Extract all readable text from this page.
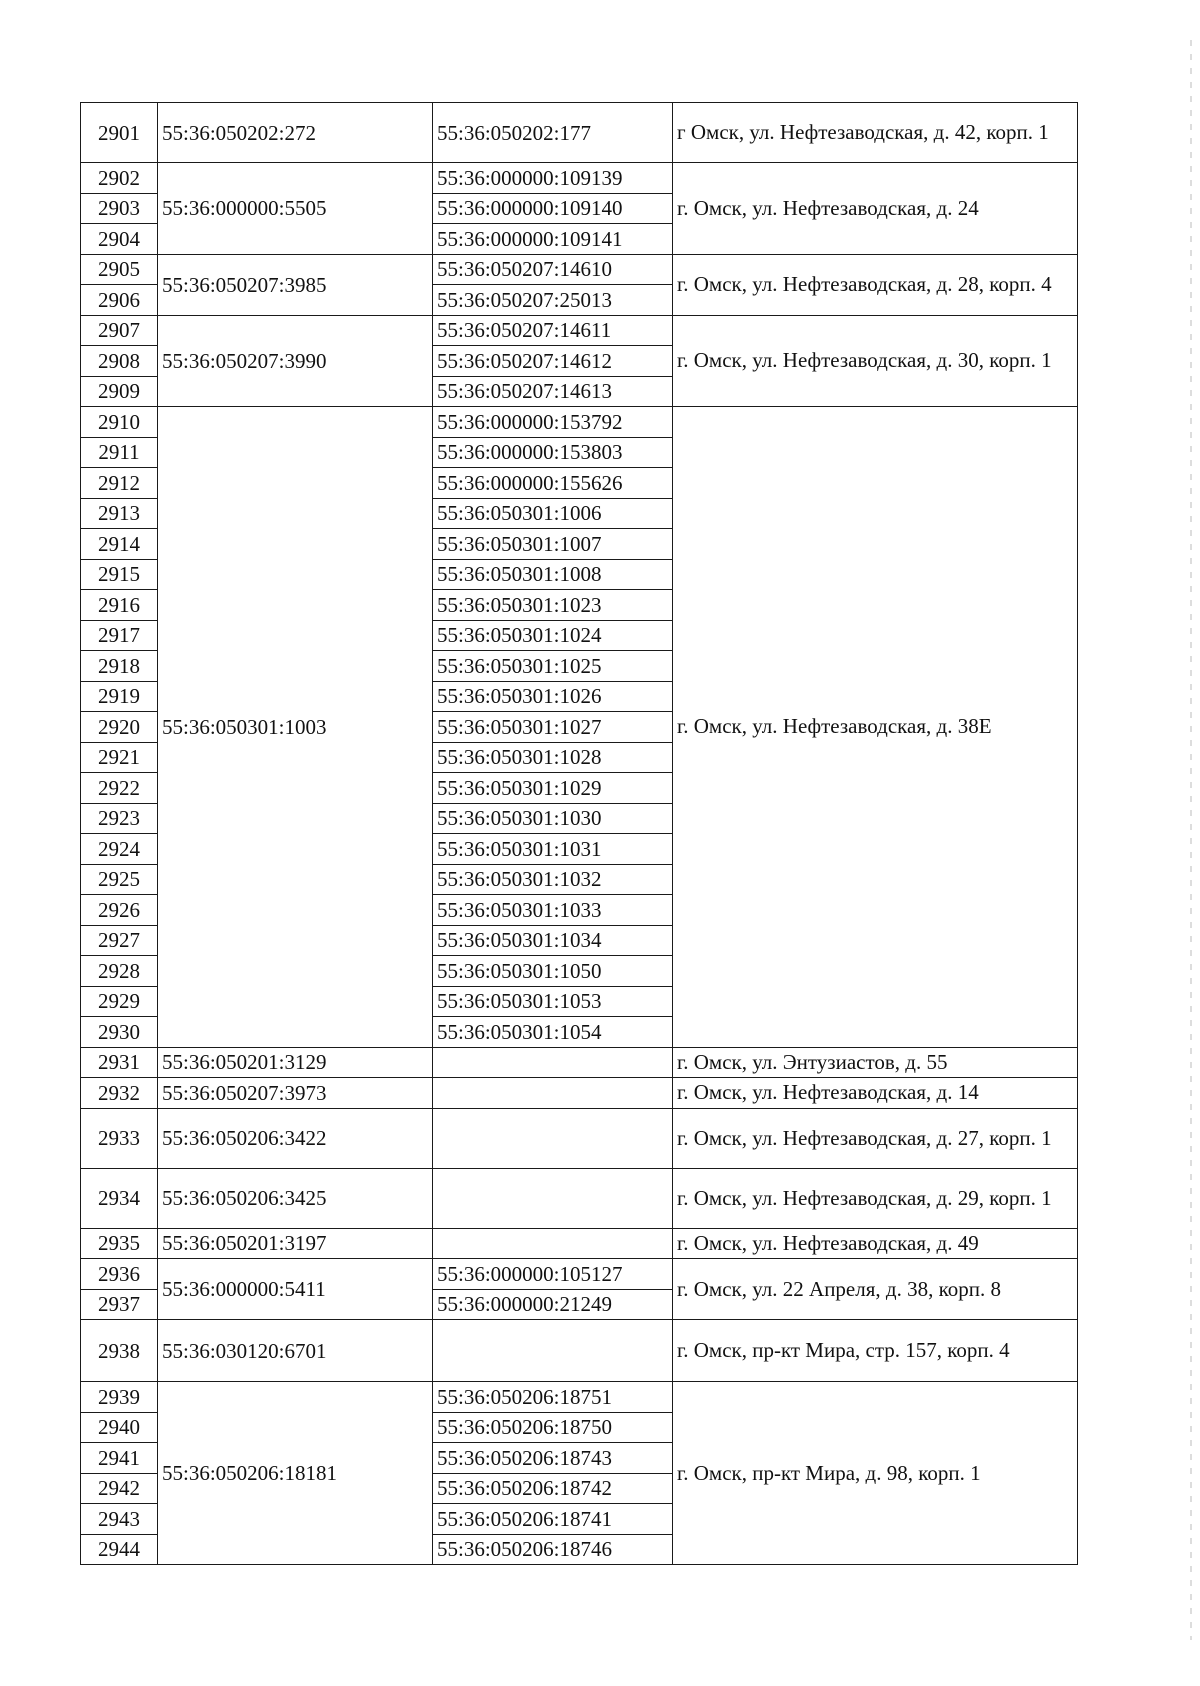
2901	55:36:050202:272	55:36:050202:177	г Омск, ул. Нефтезаводская, д. 42, корп. 1
2902	55:36:000000:5505	55:36:000000:109139	г. Омск, ул. Нефтезаводская, д. 24
2903		55:36:000000:109140	
2904		55:36:000000:109141	
2905	55:36:050207:3985	55:36:050207:14610	г. Омск, ул. Нефтезаводская, д. 28, корп. 4
2906		55:36:050207:25013	
2907	55:36:050207:3990	55:36:050207:14611	г. Омск, ул. Нефтезаводская, д. 30, корп. 1
2908		55:36:050207:14612	
2909		55:36:050207:14613	
2910	55:36:050301:1003	55:36:000000:153792	г. Омск, ул. Нефтезаводская, д. 38Е
2911		55:36:000000:153803	
2912		55:36:000000:155626	
2913		55:36:050301:1006	
2914		55:36:050301:1007	
2915		55:36:050301:1008	
2916		55:36:050301:1023	
2917		55:36:050301:1024	
2918		55:36:050301:1025	
2919		55:36:050301:1026	
2920		55:36:050301:1027	
2921		55:36:050301:1028	
2922		55:36:050301:1029	
2923		55:36:050301:1030	
2924		55:36:050301:1031	
2925		55:36:050301:1032	
2926		55:36:050301:1033	
2927		55:36:050301:1034	
2928		55:36:050301:1050	
2929		55:36:050301:1053	
2930		55:36:050301:1054	
2931	55:36:050201:3129		г. Омск, ул. Энтузиастов, д. 55
2932	55:36:050207:3973		г. Омск, ул. Нефтезаводская, д. 14
2933	55:36:050206:3422		г. Омск, ул. Нефтезаводская, д. 27, корп. 1
2934	55:36:050206:3425		г. Омск, ул. Нефтезаводская, д. 29, корп. 1
2935	55:36:050201:3197		г. Омск, ул. Нефтезаводская, д. 49
2936	55:36:000000:5411	55:36:000000:105127	г. Омск, ул. 22 Апреля, д. 38, корп. 8
2937		55:36:000000:21249	
2938	55:36:030120:6701		г. Омск, пр-кт Мира, стр. 157, корп. 4
2939	55:36:050206:18181	55:36:050206:18751	г. Омск, пр-кт Мира, д. 98, корп. 1
2940		55:36:050206:18750	
2941		55:36:050206:18743	
2942		55:36:050206:18742	
2943		55:36:050206:18741	
2944		55:36:050206:18746	
